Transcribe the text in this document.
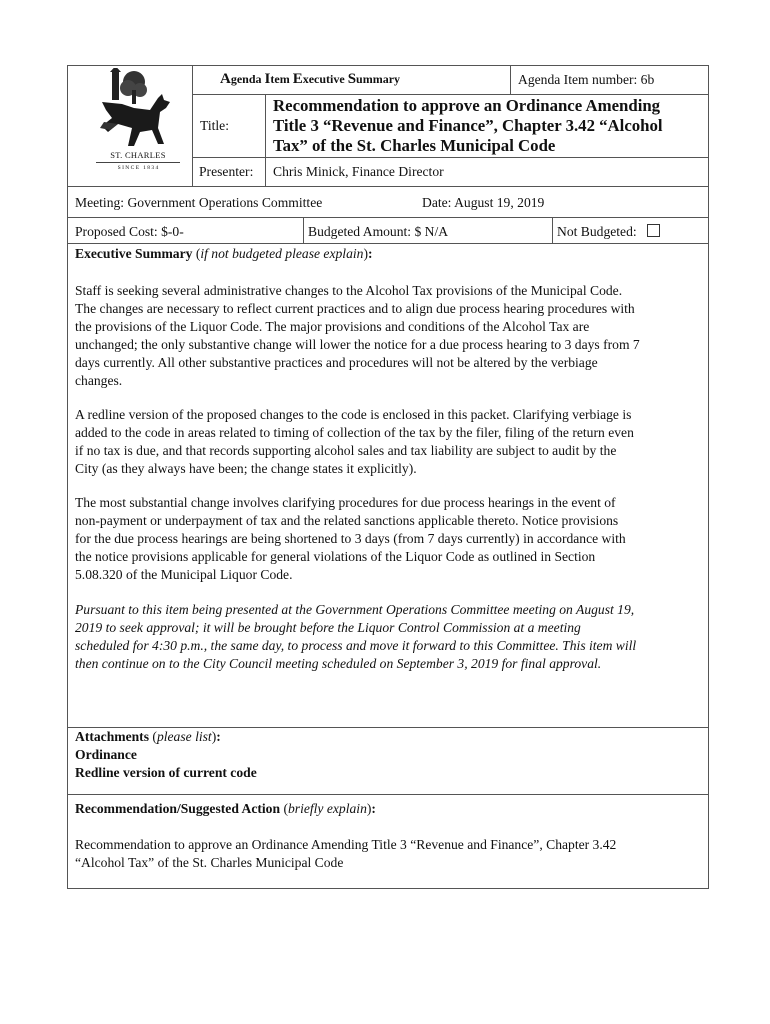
ST. CHARLES
S I N C E   1 8 3 4
Agenda Item Executive Summary	Agenda Item number: 6b
Title:
Recommendation to approve an Ordinance Amending
Title 3 “Revenue and Finance”, Chapter 3.42 “Alcohol
Tax” of the St. Charles Municipal Code
Presenter: Chris Minick, Finance Director
Meeting: Government Operations Committee	Date: August 19, 2019
Proposed Cost: $-0-	Budgeted Amount: $ N/A	Not Budgeted:
Executive Summary (if not budgeted please explain):
Staff is seeking several administrative changes to the Alcohol Tax provisions of the Municipal Code.
The changes are necessary to reflect current practices and to align due process hearing procedures with
the provisions of the Liquor Code. The major provisions and conditions of the Alcohol Tax are
unchanged; the only substantive change will lower the notice for a due process hearing to 3 days from 7
days currently. All other substantive practices and procedures will not be altered by the verbiage
changes.
A redline version of the proposed changes to the code is enclosed in this packet. Clarifying verbiage is
added to the code in areas related to timing of collection of the tax by the filer, filing of the return even
if no tax is due, and that records supporting alcohol sales and tax liability are subject to audit by the
City (as they always have been; the change states it explicitly).
The most substantial change involves clarifying procedures for due process hearings in the event of
non-payment or underpayment of tax and the related sanctions applicable thereto. Notice provisions
for the due process hearings are being shortened to 3 days (from 7 days currently) in accordance with
the notice provisions applicable for general violations of the Liquor Code as outlined in Section
5.08.320 of the Municipal Liquor Code.
Pursuant to this item being presented at the Government Operations Committee meeting on August 19,
2019 to seek approval; it will be brought before the Liquor Control Commission at a meeting
scheduled for 4:30 p.m., the same day, to process and move it forward to this Committee. This item will
then continue on to the City Council meeting scheduled on September 3, 2019 for final approval.
Attachments (please list):
Ordinance
Redline version of current code
Recommendation/Suggested Action (briefly explain):
Recommendation to approve an Ordinance Amending Title 3 “Revenue and Finance”, Chapter 3.42
“Alcohol Tax” of the St. Charles Municipal Code
